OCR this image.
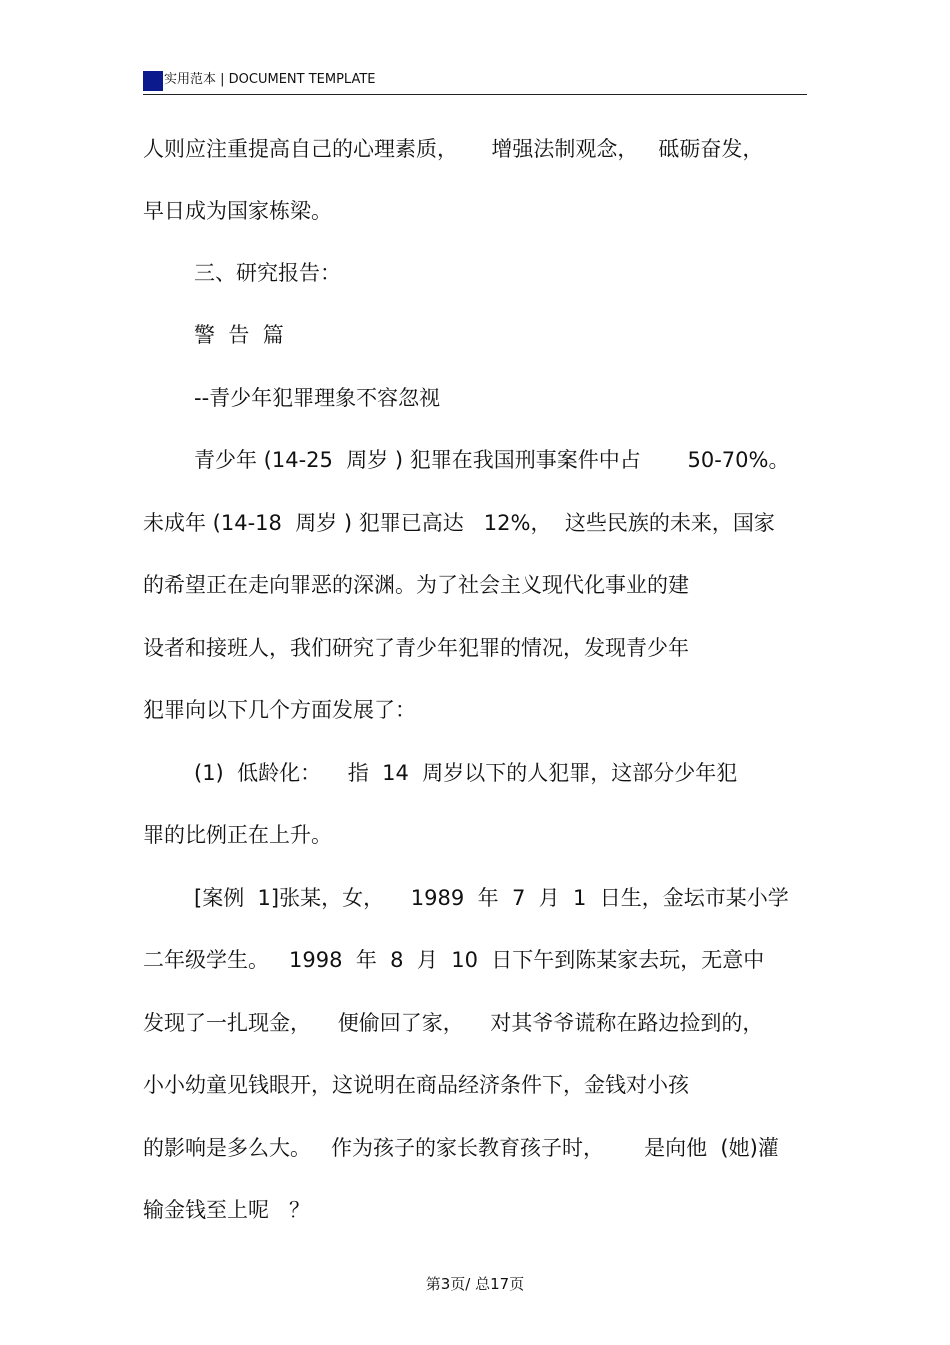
实用范本 | DOCUMENT TEMPLATE
人则应注重提高自己的心理素质，     增强法制观念，   砥砺奋发，
早日成为国家栋梁。
三、研究报告：
警  告  篇
--青少年犯罪理象不容忽视
青少年 (14-25  周岁 ) 犯罪在我国刑事案件中占       50-70%。
未成年 (14-18  周岁 ) 犯罪已高达   12%，  这些民族的未来，国家
的希望正在走向罪恶的深渊。为了社会主义现代化事业的建
设者和接班人，我们研究了青少年犯罪的情况，发现青少年
犯罪向以下几个方面发展了：
(1)  低龄化：    指  14  周岁以下的人犯罪，这部分少年犯
罪的比例正在上升。
[案例  1]张某，女，    1989  年  7  月  1  日生，金坛市某小学
二年级学生。   1998  年  8  月  10  日下午到陈某家去玩，无意中
发现了一扎现金，    便偷回了家，    对其爷爷谎称在路边捡到的，
小小幼童见钱眼开，这说明在商品经济条件下，金钱对小孩
的影响是多么大。   作为孩子的家长教育孩子时，      是向他  (她)灌
输金钱至上呢   ？
第3页/ 总17页
